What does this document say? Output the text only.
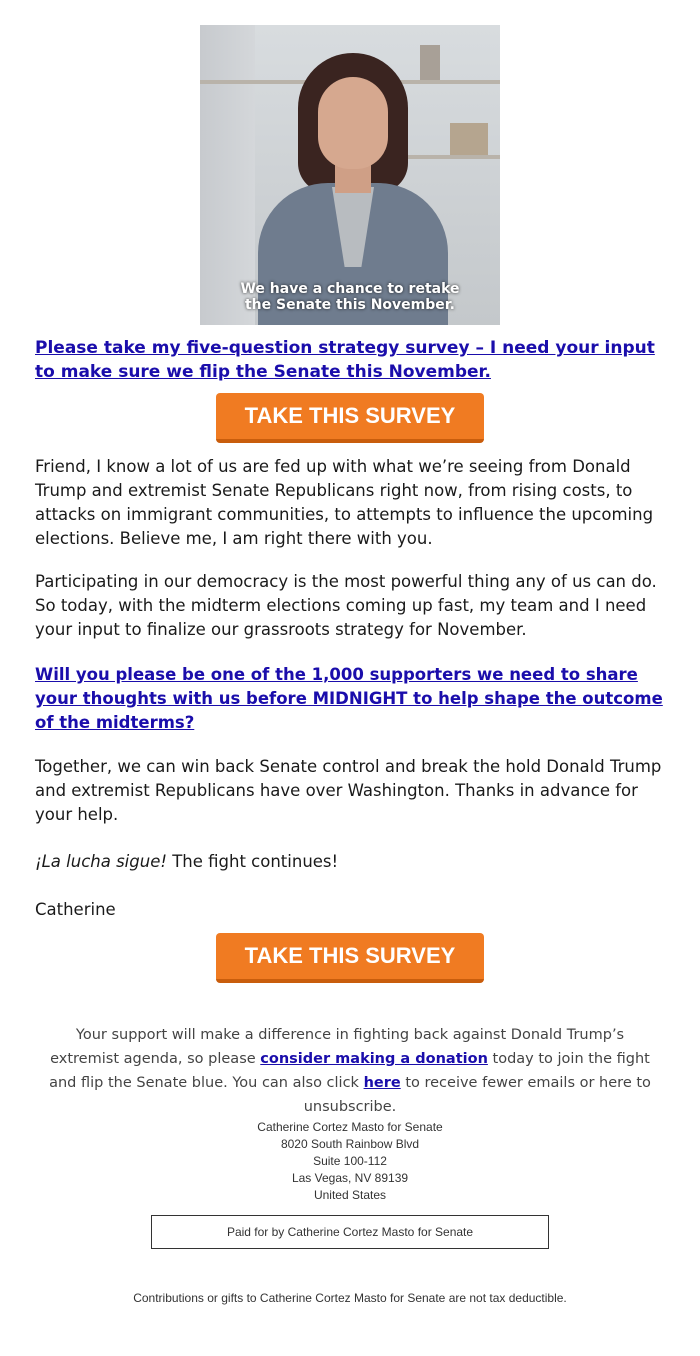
We have a chance to retake
the Senate this November.
Please take my five-question strategy survey – I need your input to make sure we flip the Senate this November.
TAKE THIS SURVEY

Friend, I know a lot of us are fed up with what we’re seeing from Donald Trump and extremist Senate Republicans right now, from rising costs, to attacks on immigrant communities, to attempts to influence the upcoming elections. Believe me, I am right there with you.

Participating in our democracy is the most powerful thing any of us can do. So today, with the midterm elections coming up fast, my team and I need your input to finalize our grassroots strategy for November.

Will you please be one of the 1,000 supporters we need to share your thoughts with us before MIDNIGHT to help shape the outcome of the midterms?

Together, we can win back Senate control and break the hold Donald Trump and extremist Republicans have over Washington. Thanks in advance for your help.

¡La lucha sigue! The fight continues!

Catherine

TAKE THIS SURVEY
Your support will make a difference in fighting back against Donald Trump’s extremist agenda, so please consider making a donation today to join the fight and flip the Senate blue. You can also click here to receive fewer emails or here to unsubscribe.
Catherine Cortez Masto for Senate
8020 South Rainbow Blvd
Suite 100-112
Las Vegas, NV 89139
United States
Paid for by Catherine Cortez Masto for Senate
Contributions or gifts to Catherine Cortez Masto for Senate are not tax deductible.
